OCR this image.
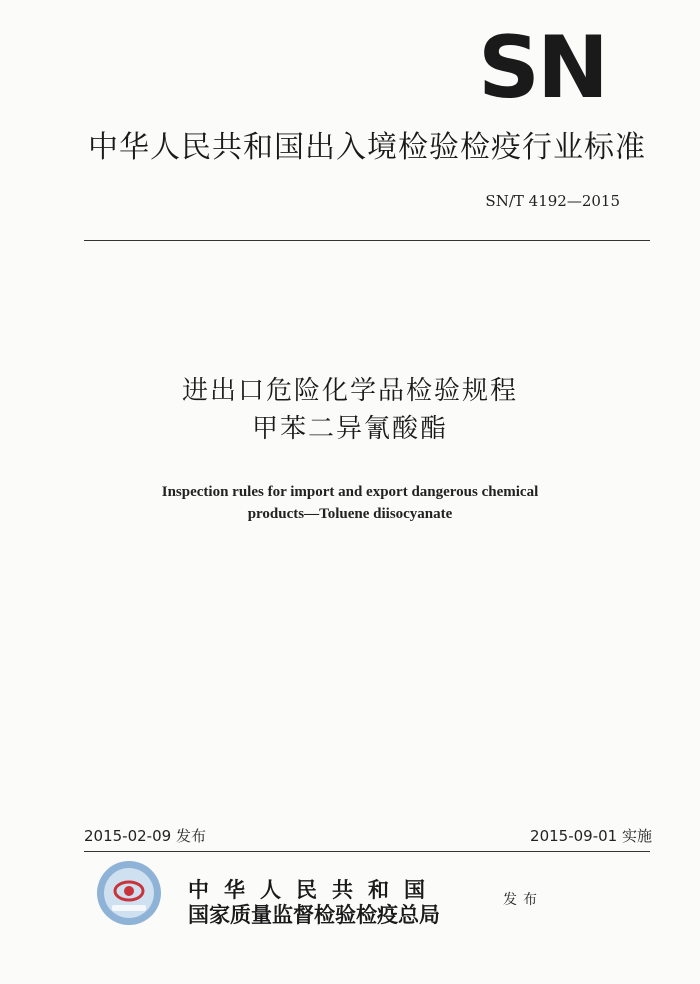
SN
中华人民共和国出入境检验检疫行业标准
SN/T 4192—2015
进出口危险化学品检验规程
甲苯二异氰酸酯
Inspection rules for import and export dangerous chemical
products—Toluene diisocyanate
2015-02-09 发布	2015-09-01 实施
中华人民共和国
国家质量监督检验检疫总局
发布
